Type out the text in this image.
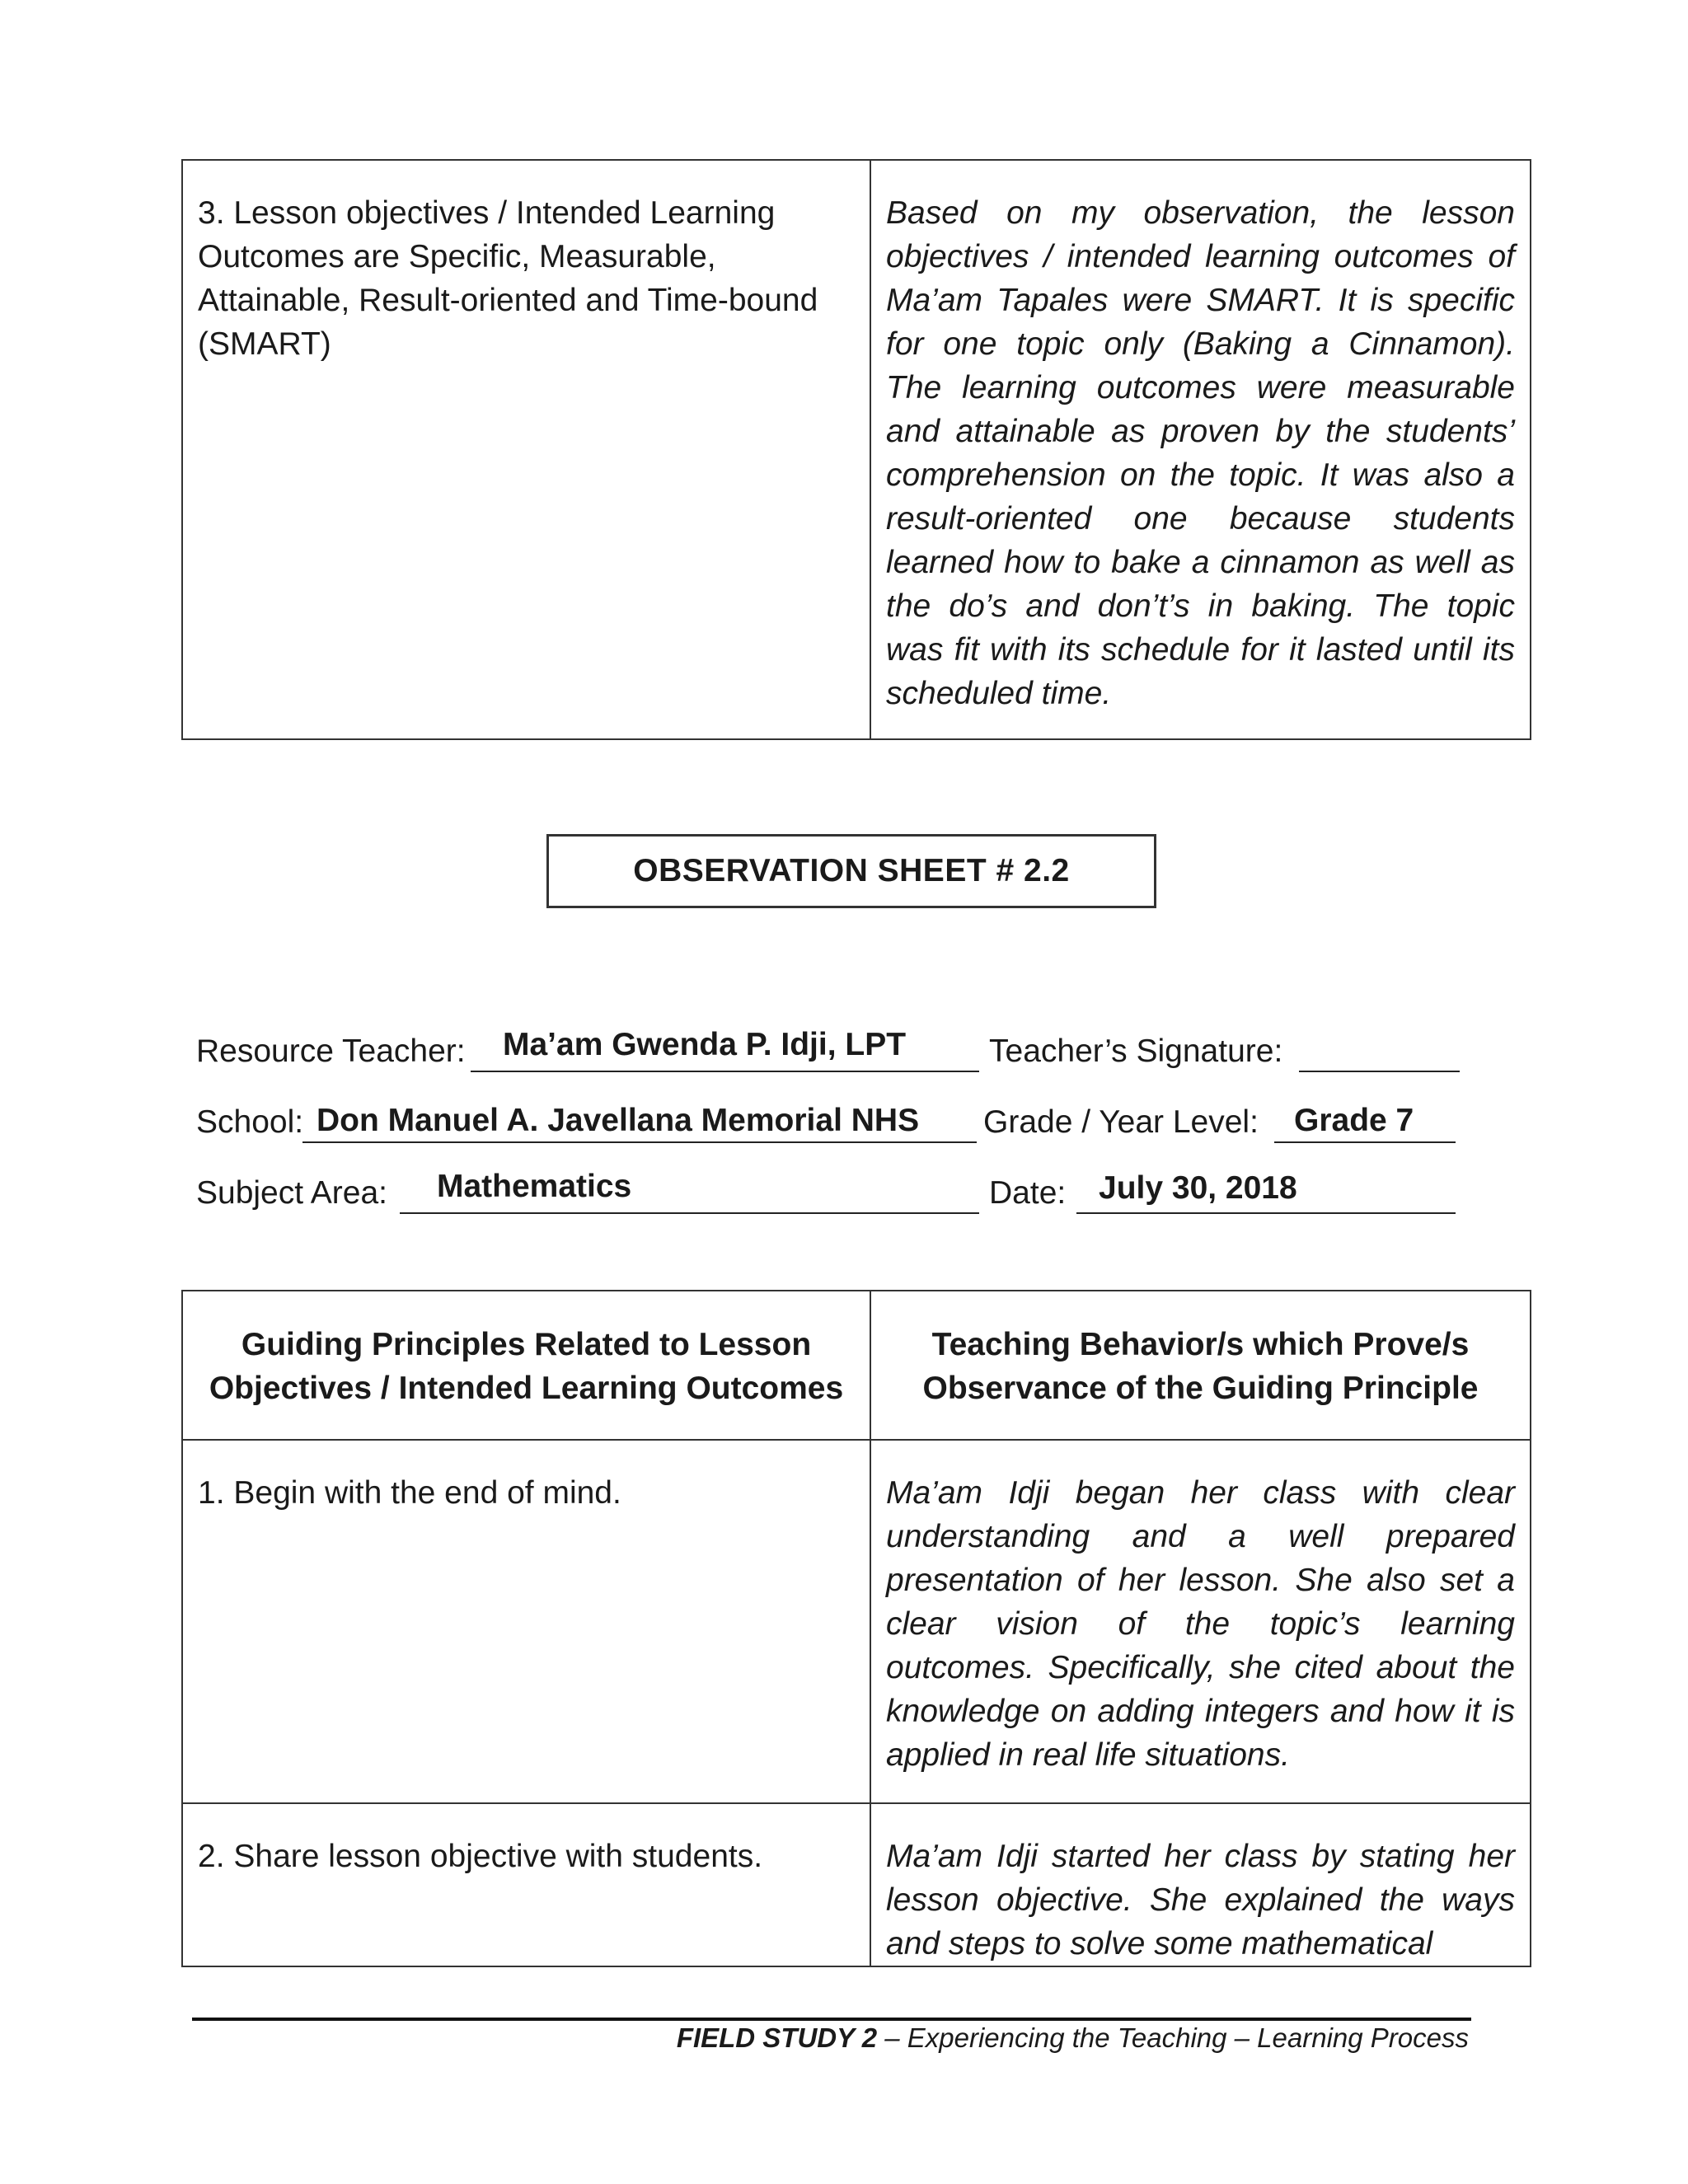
3. Lesson objectives / Intended Learning Outcomes are Specific, Measurable, Attainable, Result-oriented and Time-bound (SMART)	Based on my observation, the lesson objectives / intended learning outcomes of Ma’am Tapales were SMART. It is specific for one topic only (Baking a Cinnamon). The learning outcomes were measurable and attainable as proven by the students’ comprehension on the topic. It was also a result-oriented one because students learned how to bake a cinnamon as well as the do’s and don’t’s in baking. The topic was fit with its schedule for it lasted until its scheduled time.
OBSERVATION SHEET # 2.2
Resource Teacher: Ma’am Gwenda P. Idji, LPT	Teacher’s Signature:
School: Don Manuel A. Javellana Memorial NHS Grade / Year Level: Grade 7
Subject Area: Mathematics	Date: July 30, 2018
Guiding Principles Related to Lesson Objectives / Intended Learning Outcomes	Teaching Behavior/s which Prove/s Observance of the Guiding Principle
1. Begin with the end of mind.	Ma’am Idji began her class with clear understanding and a well prepared presentation of her lesson. She also set a clear vision of the topic’s learning outcomes. Specifically, she cited about the knowledge on adding integers and how it is applied in real life situations.
2. Share lesson objective with students.	Ma’am Idji started her class by stating her lesson objective. She explained the ways and steps to solve some mathematical
FIELD STUDY 2 – Experiencing the Teaching – Learning Process
